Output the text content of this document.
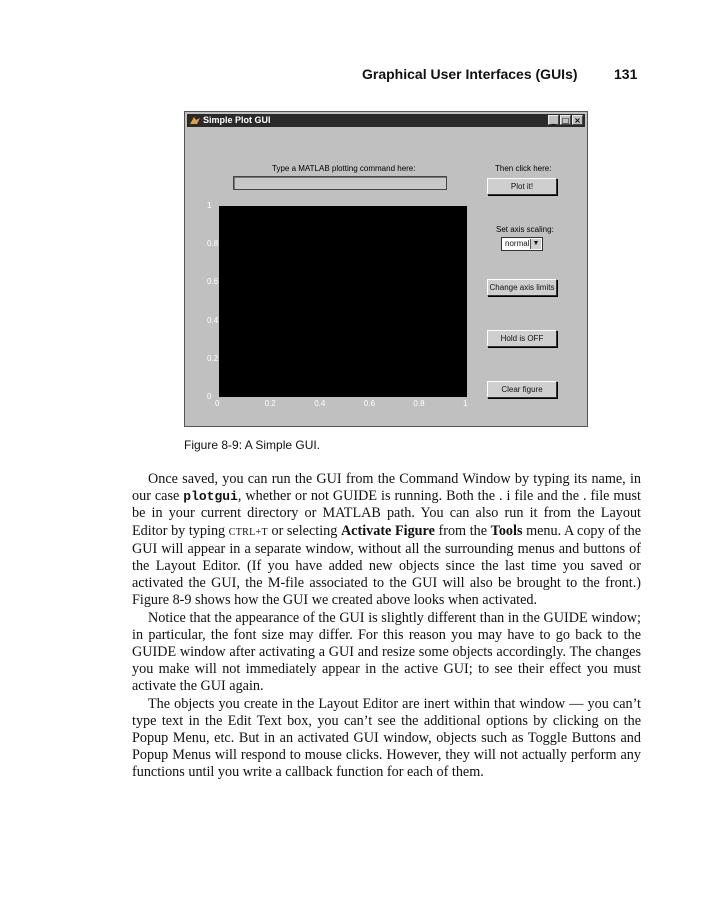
Graphical User Interfaces (GUIs)	131
Simple Plot GUI	_ □ ×
Type a MATLAB plotting command here:	Then click here:
Plot it!
Set axis scaling:
normal ▼
Change axis limits
Hold is OFF
Clear figure
0	0.2	0.4	0.6	0.8	1
0
0.2
0.4
0.6
0.8
1
Figure 8-9: A Simple GUI.

Once saved, you can run the GUI from the Command Window by typing its name, in our case plotgui, whether or not GUIDE is running. Both the . i file and the . file must be in your current directory or MATLAB path. You can also run it from the Layout Editor by typing CTRL+T or selecting Activate Figure from the Tools menu. A copy of the GUI will appear in a separate window, without all the surrounding menus and buttons of the Layout Editor. (If you have added new objects since the last time you saved or activated the GUI, the M-file associated to the GUI will also be brought to the front.) Figure 8-9 shows how the GUI we created above looks when activated.

Notice that the appearance of the GUI is slightly different than in the GUIDE window; in particular, the font size may differ. For this reason you may have to go back to the GUIDE window after activating a GUI and resize some objects accordingly. The changes you make will not immediately appear in the active GUI; to see their effect you must activate the GUI again.

The objects you create in the Layout Editor are inert within that window — you can’t type text in the Edit Text box, you can’t see the additional options by clicking on the Popup Menu, etc. But in an activated GUI window, objects such as Toggle Buttons and Popup Menus will respond to mouse clicks. However, they will not actually perform any functions until you write a callback function for each of them.
